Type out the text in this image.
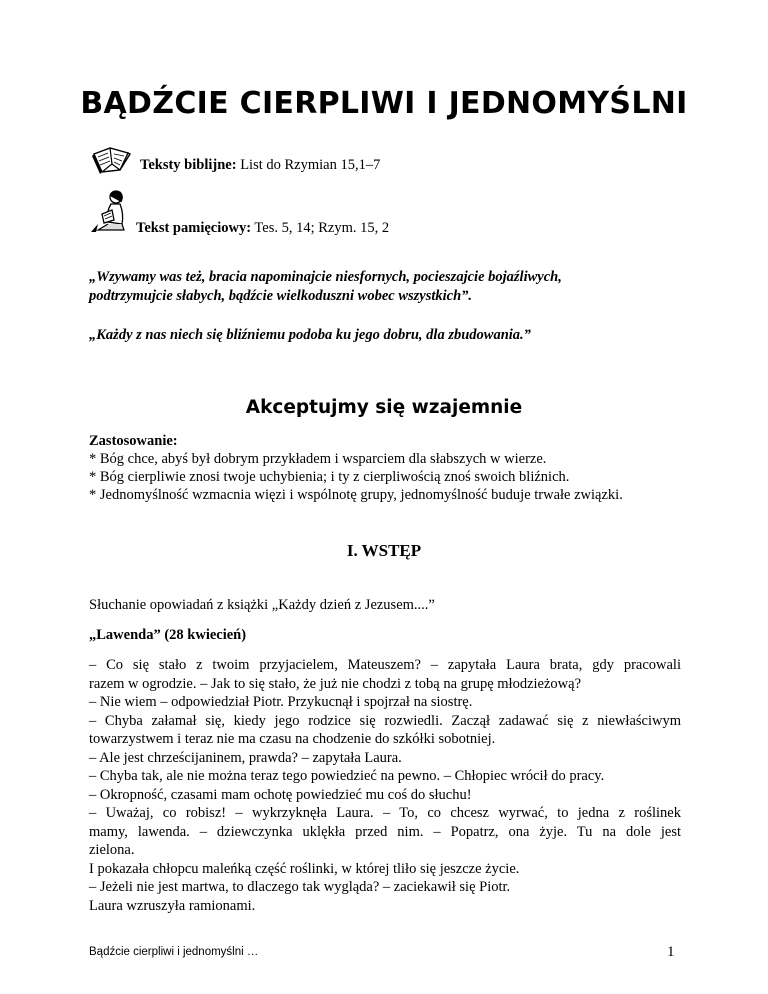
BĄDŹCIE CIERPLIWI I JEDNOMYŚLNI
Teksty biblijne: List do Rzymian 15,1–7
Tekst pamięciowy: Tes. 5, 14; Rzym. 15, 2
„Wzywamy was też, bracia napominajcie niesfornych, pocieszajcie bojaźliwych,
podtrzymujcie słabych, bądźcie wielkoduszni wobec wszystkich”.
„Każdy z nas niech się bliźniemu podoba ku jego dobru, dla zbudowania.”
Akceptujmy się wzajemnie
Zastosowanie:
* Bóg chce, abyś był dobrym przykładem i wsparciem dla słabszych w wierze.
* Bóg cierpliwie znosi twoje uchybienia; i ty z cierpliwością znoś swoich bliźnich.
* Jednomyślność wzmacnia więzi i wspólnotę grupy, jednomyślność buduje trwałe związki.
I. WSTĘP
Słuchanie opowiadań z książki „Każdy dzień z Jezusem....”
„Lawenda” (28 kwiecień)
– Co się stało z twoim przyjacielem, Mateuszem? – zapytała Laura brata, gdy pracowali
razem w ogrodzie. – Jak to się stało, że już nie chodzi z tobą na grupę młodzieżową?
– Nie wiem – odpowiedział Piotr. Przykucnął i spojrzał na siostrę.
– Chyba załamał się, kiedy jego rodzice się rozwiedli. Zaczął zadawać się z niewłaściwym
towarzystwem i teraz nie ma czasu na chodzenie do szkółki sobotniej.
– Ale jest chrześcijaninem, prawda? – zapytała Laura.
– Chyba tak, ale nie można teraz tego powiedzieć na pewno. – Chłopiec wrócił do pracy.
– Okropność, czasami mam ochotę powiedzieć mu coś do słuchu!
– Uważaj, co robisz! – wykrzyknęła Laura. – To, co chcesz wyrwać, to jedna z roślinek
mamy, lawenda. – dziewczynka uklękła przed nim. – Popatrz, ona żyje. Tu na dole jest
zielona.
I pokazała chłopcu maleńką część roślinki, w której tliło się jeszcze życie.
– Jeżeli nie jest martwa, to dlaczego tak wygląda? – zaciekawił się Piotr.
Laura wzruszyła ramionami.
Bądźcie cierpliwi i jednomyślni …	1
